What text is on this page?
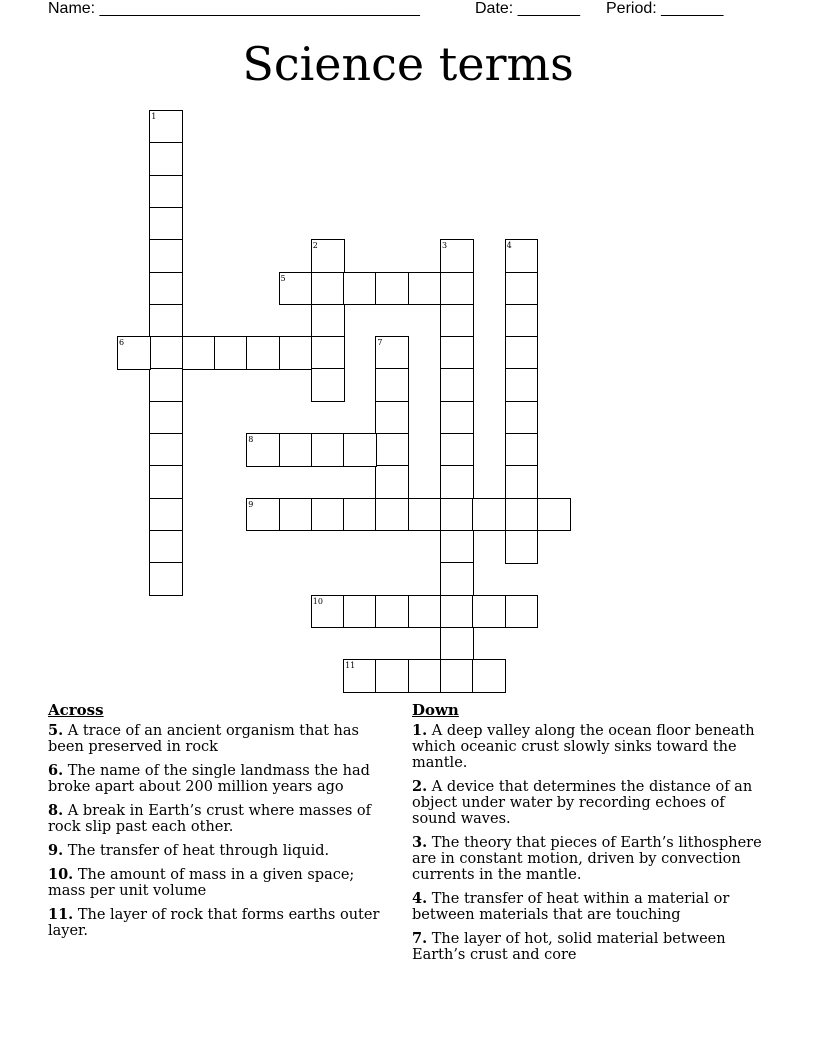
Name: ____________________________________	Date: _______ Period: _______
Science terms
1
2	3	4
5
6	7
8
9
10
11
Across
5. A trace of an ancient organism that has been preserved in rock
6. The name of the single landmass the had broke apart about 200 million years ago
8. A break in Earth’s crust where masses of rock slip past each other.
9. The transfer of heat through liquid.
10. The amount of mass in a given space; mass per unit volume
11. The layer of rock that forms earths outer layer.
Down
1. A deep valley along the ocean floor beneath which oceanic crust slowly sinks toward the mantle.
2. A device that determines the distance of an object under water by recording echoes of sound waves.
3. The theory that pieces of Earth’s lithosphere are in constant motion, driven by convection currents in the mantle.
4. The transfer of heat within a material or between materials that are touching
7. The layer of hot, solid material between Earth’s crust and core
